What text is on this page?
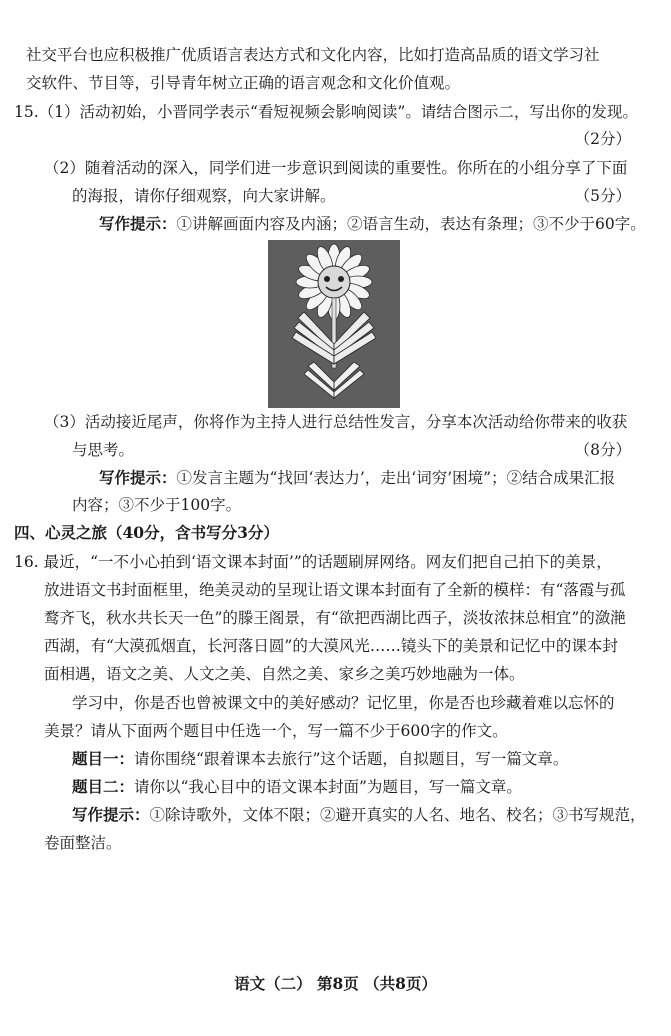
社交平台也应积极推广优质语言表达方式和文化内容，比如打造高品质的语文学习社
交软件、节目等，引导青年树立正确的语言观念和文化价值观。
15.（1）活动初始，小晋同学表示“看短视频会影响阅读”。请结合图示二，写出你的发现。
（2分）
（2）随着活动的深入，同学们进一步意识到阅读的重要性。你所在的小组分享了下面
的海报，请你仔细观察，向大家讲解。	（5分）
写作提示：①讲解画面内容及内涵；②语言生动，表达有条理；③不少于60字。
（3）活动接近尾声，你将作为主持人进行总结性发言，分享本次活动给你带来的收获
与思考。	（8分）
写作提示：①发言主题为“找回‘表达力’，走出‘词穷’困境”；②结合成果汇报
内容；③不少于100字。
四、心灵之旅（40分，含书写分3分）
16. 最近，“一不小心拍到‘语文课本封面’”的话题刷屏网络。网友们把自己拍下的美景，
放进语文书封面框里，绝美灵动的呈现让语文课本封面有了全新的模样：有“落霞与孤
鹜齐飞，秋水共长天一色”的滕王阁景，有“欲把西湖比西子，淡妆浓抹总相宜”的潋滟
西湖，有“大漠孤烟直，长河落日圆”的大漠风光……镜头下的美景和记忆中的课本封
面相遇，语文之美、人文之美、自然之美、家乡之美巧妙地融为一体。
学习中，你是否也曾被课文中的美好感动？记忆里，你是否也珍藏着难以忘怀的
美景？请从下面两个题目中任选一个，写一篇不少于600字的作文。
题目一：请你围绕“跟着课本去旅行”这个话题，自拟题目，写一篇文章。
题目二：请你以“我心目中的语文课本封面”为题目，写一篇文章。
写作提示：①除诗歌外，文体不限；②避开真实的人名、地名、校名；③书写规范，
卷面整洁。
语文（二） 第8页 （共8页）
